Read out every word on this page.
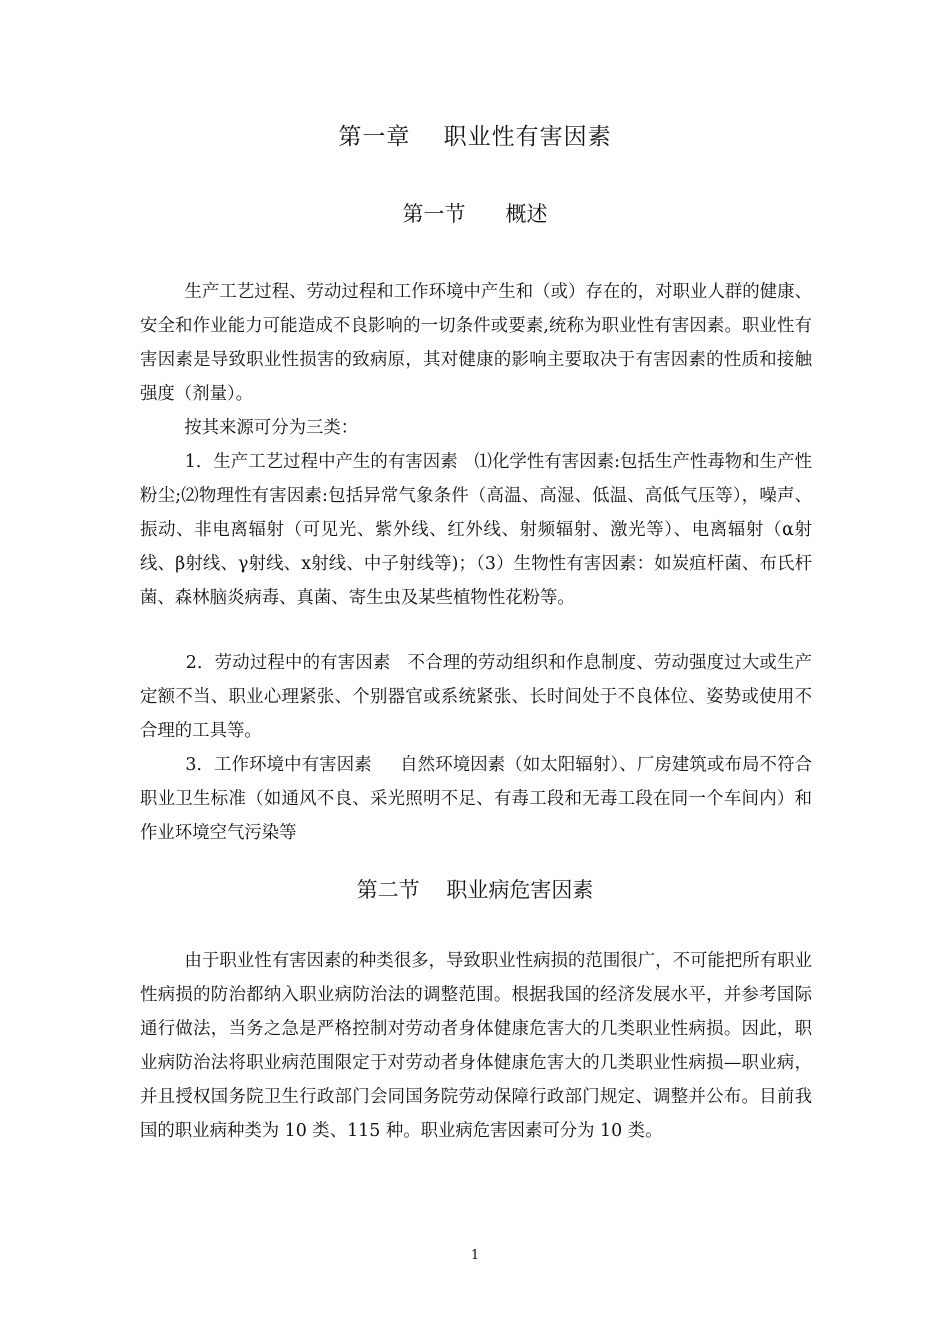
第一章    职业性有害因素
第一节      概述

生产工艺过程、劳动过程和工作环境中产生和（或）存在的，对职业人群的健康、安全和作业能力可能造成不良影响的一切条件或要素,统称为职业性有害因素。职业性有害因素是导致职业性损害的致病原，其对健康的影响主要取决于有害因素的性质和接触强度（剂量）。

按其来源可分为三类：

1．生产工艺过程中产生的有害因素   ⑴化学性有害因素:包括生产性毒物和生产性粉尘;⑵物理性有害因素:包括异常气象条件（高温、高湿、低温、高低气压等），噪声、振动、非电离辐射（可见光、紫外线、红外线、射频辐射、激光等）、电离辐射（α射线、β射线、γ射线、x射线、中子射线等)；（3）生物性有害因素：如炭疽杆菌、布氏杆菌、森林脑炎病毒、真菌、寄生虫及某些植物性花粉等。

2．劳动过程中的有害因素   不合理的劳动组织和作息制度、劳动强度过大或生产定额不当、职业心理紧张、个别器官或系统紧张、长时间处于不良体位、姿势或使用不合理的工具等。

3．工作环境中有害因素     自然环境因素（如太阳辐射）、厂房建筑或布局不符合职业卫生标准（如通风不良、采光照明不足、有毒工段和无毒工段在同一个车间内）和作业环境空气污染等

第二节    职业病危害因素

由于职业性有害因素的种类很多，导致职业性病损的范围很广，不可能把所有职业性病损的防治都纳入职业病防治法的调整范围。根据我国的经济发展水平，并参考国际通行做法，当务之急是严格控制对劳动者身体健康危害大的几类职业性病损。因此，职业病防治法将职业病范围限定于对劳动者身体健康危害大的几类职业性病损—职业病，并且授权国务院卫生行政部门会同国务院劳动保障行政部门规定、调整并公布。目前我国的职业病种类为 10 类、115 种。职业病危害因素可分为 10 类。

1
